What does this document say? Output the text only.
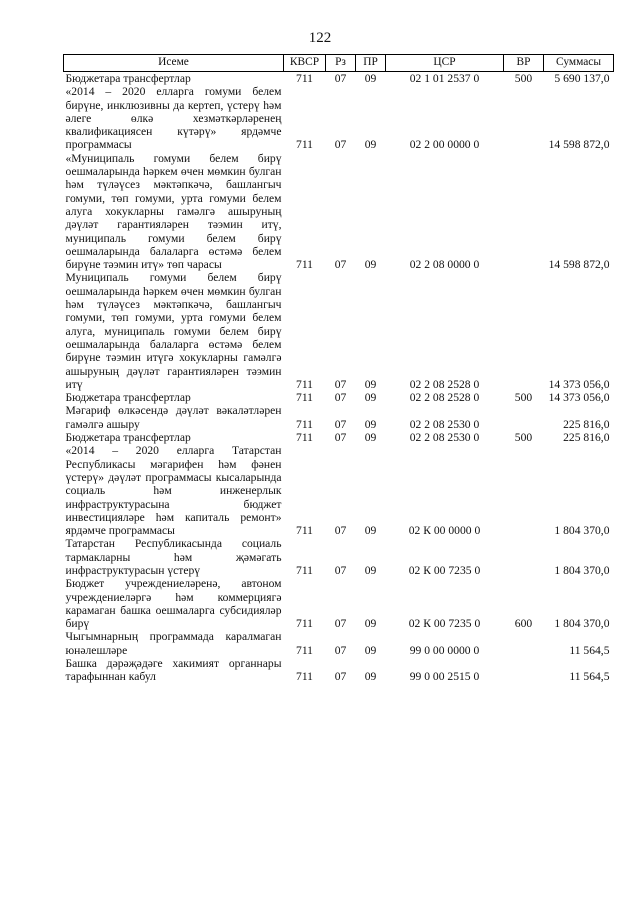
122
Исеме	КВСР	Рз	ПР	ЦСР	ВР	Суммасы
Бюджетара трансфертлар	711	07	09	02 1 01 2537 0	500	5 690 137,0
«2014 – 2020 елларга гомуми белем бирүне, инклюзивны да кертеп, үстерү һәм әлеге өлкә хезмәткәрләренең квалификациясен күтәрү» ярдәмче программасы	711	07	09	02 2 00 0000 0		14 598 872,0
«Муниципаль гомуми белем бирү оешмаларында һәркем өчен мөмкин булган һәм түләүсез мәктәпкәчә, башлангыч гомуми, төп гомуми, урта гомуми белем алуга хокукларны гамәлгә ашыруның дәүләт гарантияләрен тәэмин итү, муниципаль гомуми белем бирү оешмаларында балаларга өстәмә белем бирүне тәэмин итү» төп чарасы	711	07	09	02 2 08 0000 0		14 598 872,0
Муниципаль гомуми белем бирү оешмаларында һәркем өчен мөмкин булган һәм түләүсез мәктәпкәчә, башлангыч гомуми, төп гомуми, урта гомуми белем алуга, муниципаль гомуми белем бирү оешмаларында балаларга өстәмә белем бирүне тәэмин итүгә хокукларны гамәлгә ашыруның дәүләт гарантияләрен тәэмин итү	711	07	09	02 2 08 2528 0		14 373 056,0
Бюджетара трансфертлар	711	07	09	02 2 08 2528 0	500	14 373 056,0
Мәгариф өлкәсендә дәүләт вәкаләтләрен гамәлгә ашыру	711	07	09	02 2 08 2530 0		225 816,0
Бюджетара трансфертлар	711	07	09	02 2 08 2530 0	500	225 816,0
«2014 – 2020 елларга Татарстан Республикасы мәгарифен һәм фәнен үстерү» дәүләт программасы кысаларында социаль һәм инженерлык инфраструктурасына бюджет инвестицияләре һәм капиталь ремонт» ярдәмче программасы	711	07	09	02 К 00 0000 0		1 804 370,0
Татарстан Республикасында социаль тармакларны һәм җәмәгать инфраструктурасын үстерү	711	07	09	02 К 00 7235 0		1 804 370,0
Бюджет учреждениеләренә, автоном учреждениеләргә һәм коммерциягә карамаган башка оешмаларга субсидияләр бирү	711	07	09	02 К 00 7235 0	600	1 804 370,0
Чыгымнарның программада каралмаган юнәлешләре	711	07	09	99 0 00 0000 0		11 564,5
Башка дәрәҗәдәге хакимият органнары тарафыннан кабул	711	07	09	99 0 00 2515 0		11 564,5
